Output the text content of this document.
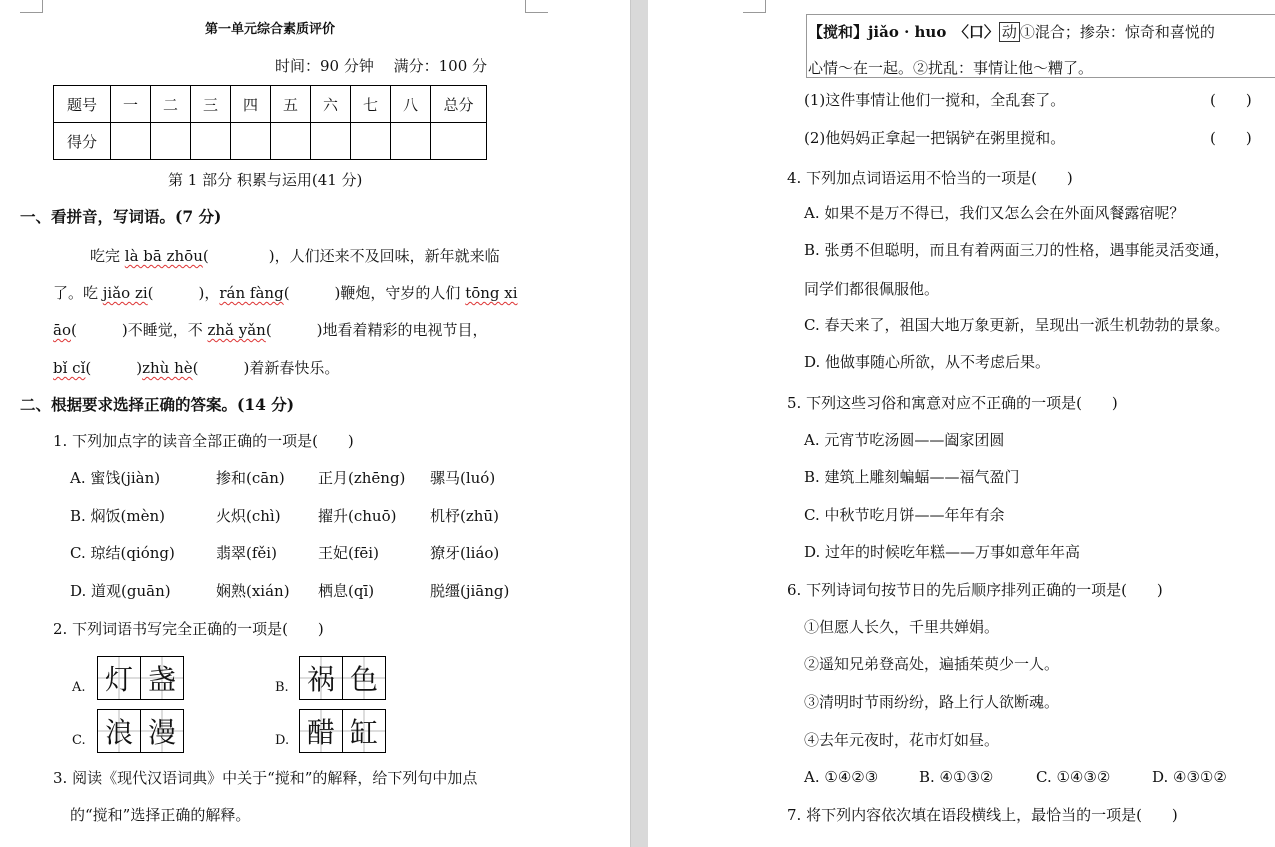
第一单元综合素质评价
时间：90 分钟　 满分：100 分
题号	一	二	三	四	五	六	七	八	总分
得分									
第 1 部分 积累与运用(41 分)
一、看拼音，写词语。(7 分)
吃完 là bā zhōu(　　　　)，人们还来不及回味，新年就来临
了。吃 jiǎo zi(　　　)，rán fàng(　　　)鞭炮，守岁的人们 tōng xi
āo(　　　)不睡觉，不 zhǎ yǎn(　　　)地看着精彩的电视节目，
bǐ cǐ(　　　)zhù hè(　　　)着新春快乐。
二、根据要求选择正确的答案。(14 分)
1. 下列加点字的读音全部正确的一项是(　　)
A. 蜜饯(jiàn)	掺和(cān) 正月(zhēng) 骡马(luó)
B. 焖饭(mèn)	火炽(chì) 擢升(chuō) 机杼(zhū)
C. 琼结(qióng)	翡翠(fěi)	王妃(fēi)	獠牙(liáo)
D. 道观(guān)	娴熟(xián) 栖息(qī)	脱缰(jiāng)
2. 下列词语书写完全正确的一项是(　　)
A. 灯 盏	B. 祸 色
C. 浪 漫	D. 醋 缸
3. 阅读《现代汉语词典》中关于“搅和”的解释，给下列句中加点
的“搅和”选择正确的解释。
【搅和】jiǎo · huo　〈口〉 动 ①混合；掺杂：惊奇和喜悦的
心情～在一起。②扰乱：事情让他～糟了。
(1)这件事情让他们一搅和，全乱套了。	(　　)
(2)他妈妈正拿起一把锅铲在粥里搅和。	(　　)
4. 下列加点词语运用不恰当的一项是(　　)
A. 如果不是万不得已，我们又怎么会在外面风餐露宿呢？
B. 张勇不但聪明，而且有着两面三刀的性格，遇事能灵活变通，
同学们都很佩服他。
C. 春天来了，祖国大地万象更新，呈现出一派生机勃勃的景象。
D. 他做事随心所欲，从不考虑后果。
5. 下列这些习俗和寓意对应不正确的一项是(　　)
A. 元宵节吃汤圆——阖家团圆
B. 建筑上雕刻蝙蝠——福气盈门
C. 中秋节吃月饼——年年有余
D. 过年的时候吃年糕——万事如意年年高
6. 下列诗词句按节日的先后顺序排列正确的一项是(　　)
①但愿人长久，千里共婵娟。
②遥知兄弟登高处，遍插茱萸少一人。
③清明时节雨纷纷，路上行人欲断魂。
④去年元夜时，花市灯如昼。
A. ①④②③	B. ④①③②	C. ①④③②	D. ④③①②
7. 将下列内容依次填在语段横线上，最恰当的一项是(　　)
